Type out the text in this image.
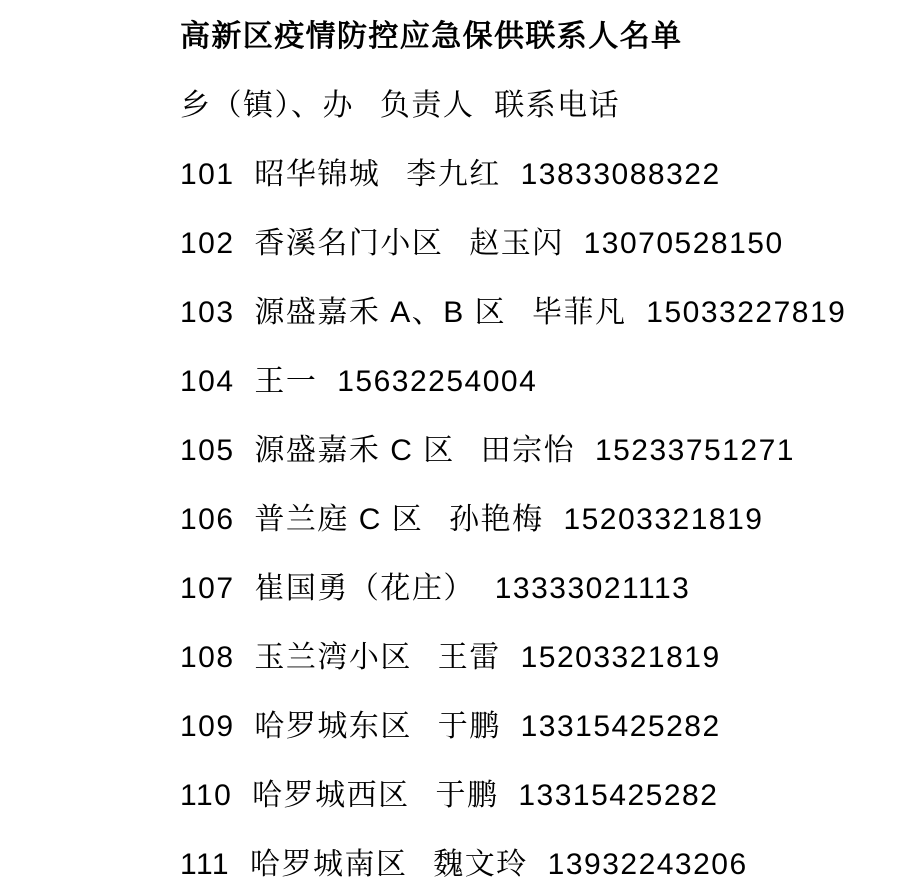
高新区疫情防控应急保供联系人名单

乡（镇）、办 负责人 联系电话

101 昭华锦城 李九红 13833088322

102 香溪名门小区 赵玉闪 13070528150

103 源盛嘉禾 A、B 区 毕菲凡 15033227819

104 王一 15632254004

105 源盛嘉禾 C 区 田宗怡 15233751271

106 普兰庭 C 区 孙艳梅 15203321819

107 崔国勇（花庄） 13333021113

108 玉兰湾小区 王雷 15203321819

109 哈罗城东区 于鹏 13315425282

110 哈罗城西区 于鹏 13315425282

111 哈罗城南区 魏文玲 13932243206
